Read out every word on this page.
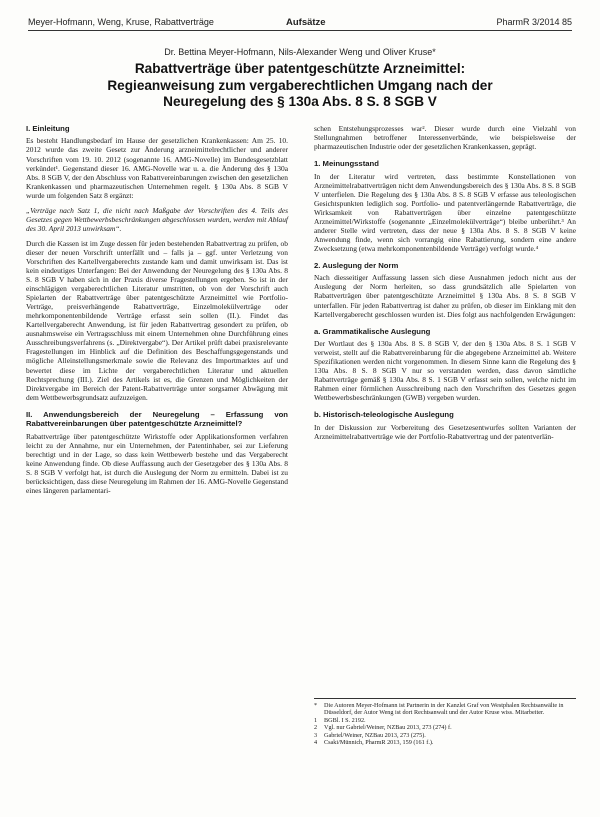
Meyer-Hofmann, Weng, Kruse, Rabattverträge	Aufsätze	PharmR 3/2014 85
Dr. Bettina Meyer-Hofmann, Nils-Alexander Weng und Oliver Kruse*
Rabattverträge über patentgeschützte Arzneimittel:
Regieanweisung zum vergaberechtlichen Umgang nach der
Neuregelung des § 130a Abs. 8 S. 8 SGB V
I. Einleitung

Es besteht Handlungsbedarf im Hause der gesetzlichen Krankenkassen: Am 25. 10. 2012 wurde das zweite Gesetz zur Änderung arzneimittelrechtlicher und anderer Vorschriften vom 19. 10. 2012 (sogenannte 16. AMG-Novelle) im Bundesgesetzblatt verkündet¹. Gegenstand dieser 16. AMG-Novelle war u. a. die Änderung des § 130a Abs. 8 SGB V, der den Abschluss von Rabattvereinbarungen zwischen den gesetzlichen Krankenkassen und pharmazeutischen Unternehmen regelt. § 130a Abs. 8 SGB V wurde um folgenden Satz 8 ergänzt:

„Verträge nach Satz 1, die nicht nach Maßgabe der Vorschriften des 4. Teils des Gesetzes gegen Wettbewerbsbeschränkungen abgeschlossen wurden, werden mit Ablauf des 30. April 2013 unwirksam“.

Durch die Kassen ist im Zuge dessen für jeden bestehenden Rabattvertrag zu prüfen, ob dieser der neuen Vorschrift unterfällt und – falls ja – ggf. unter Verletzung von Vorschriften des Kartellvergaberechts zustande kam und damit unwirksam ist. Das ist kein eindeutiges Unterfangen: Bei der Anwendung der Neuregelung des § 130a Abs. 8 S. 8 SGB V haben sich in der Praxis diverse Fragestellungen ergeben. So ist in der einschlägigen vergaberechtlichen Literatur umstritten, ob von der Vorschrift auch Spielarten der Rabattverträge über patentgeschützte Arzneimittel wie Portfolio-Verträge, preisverhängende Rabattverträge, Einzelmolekülverträge oder mehrkomponentenbildende Verträge erfasst sein sollen (II.). Findet das Kartellvergaberecht Anwendung, ist für jeden Rabattvertrag gesondert zu prüfen, ob ausnahmsweise ein Vertragsschluss mit einem Unternehmen ohne Durchführung eines Ausschreibungsverfahrens (s. „Direktvergabe“). Der Artikel prüft dabei praxisrelevante Fragestellungen im Hinblick auf die Definition des Beschaffungsgegenstands und mögliche Alleinstellungsmerkmale sowie die Relevanz des Importmarktes auf und bewertet diese im Lichte der vergaberechtlichen Literatur und aktuellen Rechtsprechung (III.). Ziel des Artikels ist es, die Grenzen und Möglichkeiten der Direktvergabe im Bereich der Patent-Rabattverträge unter sorgsamer Abwägung mit dem Wettbewerbsgrundsatz aufzuzeigen.

II. Anwendungsbereich der Neuregelung – Erfassung von Rabattvereinbarungen über patentgeschützte Arzneimittel?

Rabattverträge über patentgeschützte Wirkstoffe oder Applikationsformen verfahren leicht zu der Annahme, nur ein Unternehmen, der Patentinhaber, sei zur Lieferung berechtigt und in der Lage, so dass kein Wettbewerb bestehe und das Vergaberecht keine Anwendung finde. Ob diese Auffassung auch der Gesetzgeber des § 130a Abs. 8 S. 8 SGB V verfolgt hat, ist durch die Auslegung der Norm zu ermitteln. Dabei ist zu berücksichtigen, dass diese Neuregelung im Rahmen der 16. AMG-Novelle Gegenstand eines längeren parlamentari-

schen Entstehungsprozesses war². Dieser wurde durch eine Vielzahl von Stellungnahmen betroffener Interessenverbände, wie beispielsweise der pharmazeutischen Industrie oder der gesetzlichen Krankenkassen, geprägt.

1. Meinungsstand

In der Literatur wird vertreten, dass bestimmte Konstellationen von Arzneimittelrabattverträgen nicht dem Anwendungsbereich des § 130a Abs. 8 S. 8 SGB V unterfielen. Die Regelung des § 130a Abs. 8 S. 8 SGB V erfasse aus teleologischen Gesichtspunkten lediglich sog. Portfolio- und patentverlängernde Rabattverträge, die Wirksamkeit von Rabattverträgen über einzelne patentgeschützte Arzneimittel/Wirkstoffe (sogenannte „Einzelmolekülverträge“) bleibe unberührt.³ An anderer Stelle wird vertreten, dass der neue § 130a Abs. 8 S. 8 SGB V keine Anwendung finde, wenn sich vorrangig eine Rabattierung, sondern eine andere Zwecksetzung (etwa mehrkomponentenbildende Verträge) verfolgt wurde.⁴

2. Auslegung der Norm

Nach diesseitiger Auffassung lassen sich diese Ausnahmen jedoch nicht aus der Auslegung der Norm herleiten, so dass grundsätzlich alle Spielarten von Rabattverträgen über patentgeschützte Arzneimittel § 130a Abs. 8 S. 8 SGB V unterfallen. Für jeden Rabattvertrag ist daher zu prüfen, ob dieser im Einklang mit den Kartellvergaberecht geschlossen wurden ist. Dies folgt aus nachfolgenden Erwägungen:

a. Grammatikalische Auslegung

Der Wortlaut des § 130a Abs. 8 S. 8 SGB V, der den § 130a Abs. 8 S. 1 SGB V verweist, stellt auf die Rabattvereinbarung für die abgegebene Arzneimittel ab. Weitere Spezifikationen werden nicht vorgenommen. In diesem Sinne kann die Regelung des § 130a Abs. 8 S. 8 SGB V nur so verstanden werden, dass davon sämtliche Rabattverträge gemäß § 130a Abs. 8 S. 1 SGB V erfasst sein sollen, welche nicht im Rahmen einer förmlichen Ausschreibung nach den Vorschriften des Gesetzes gegen Wettbewerbsbeschränkungen (GWB) vergeben wurden.

b. Historisch-teleologische Auslegung

In der Diskussion zur Vorbereitung des Gesetzesentwurfes sollten Varianten der Arzneimittelrabattverträge wie der Portfolio-Rabattvertrag und der patentverlän-

*	Die Autoren Meyer-Hofmann ist Partnerin in der Kanzlei Graf von Westphalen Rechtsanwälte in Düsseldorf, der Autor Weng ist dort Rechtsanwalt und der Autor Kruse wiss. Mitarbeiter.
1	BGBl. I S. 2192.
2	Vgl. nur Gabriel/Weiner, NZBau 2013, 273 (274) f.
3	Gabriel/Weiner, NZBau 2013, 273 (275).
4	Csaki/Münnich, PharmR 2013, 159 (161 f.).
